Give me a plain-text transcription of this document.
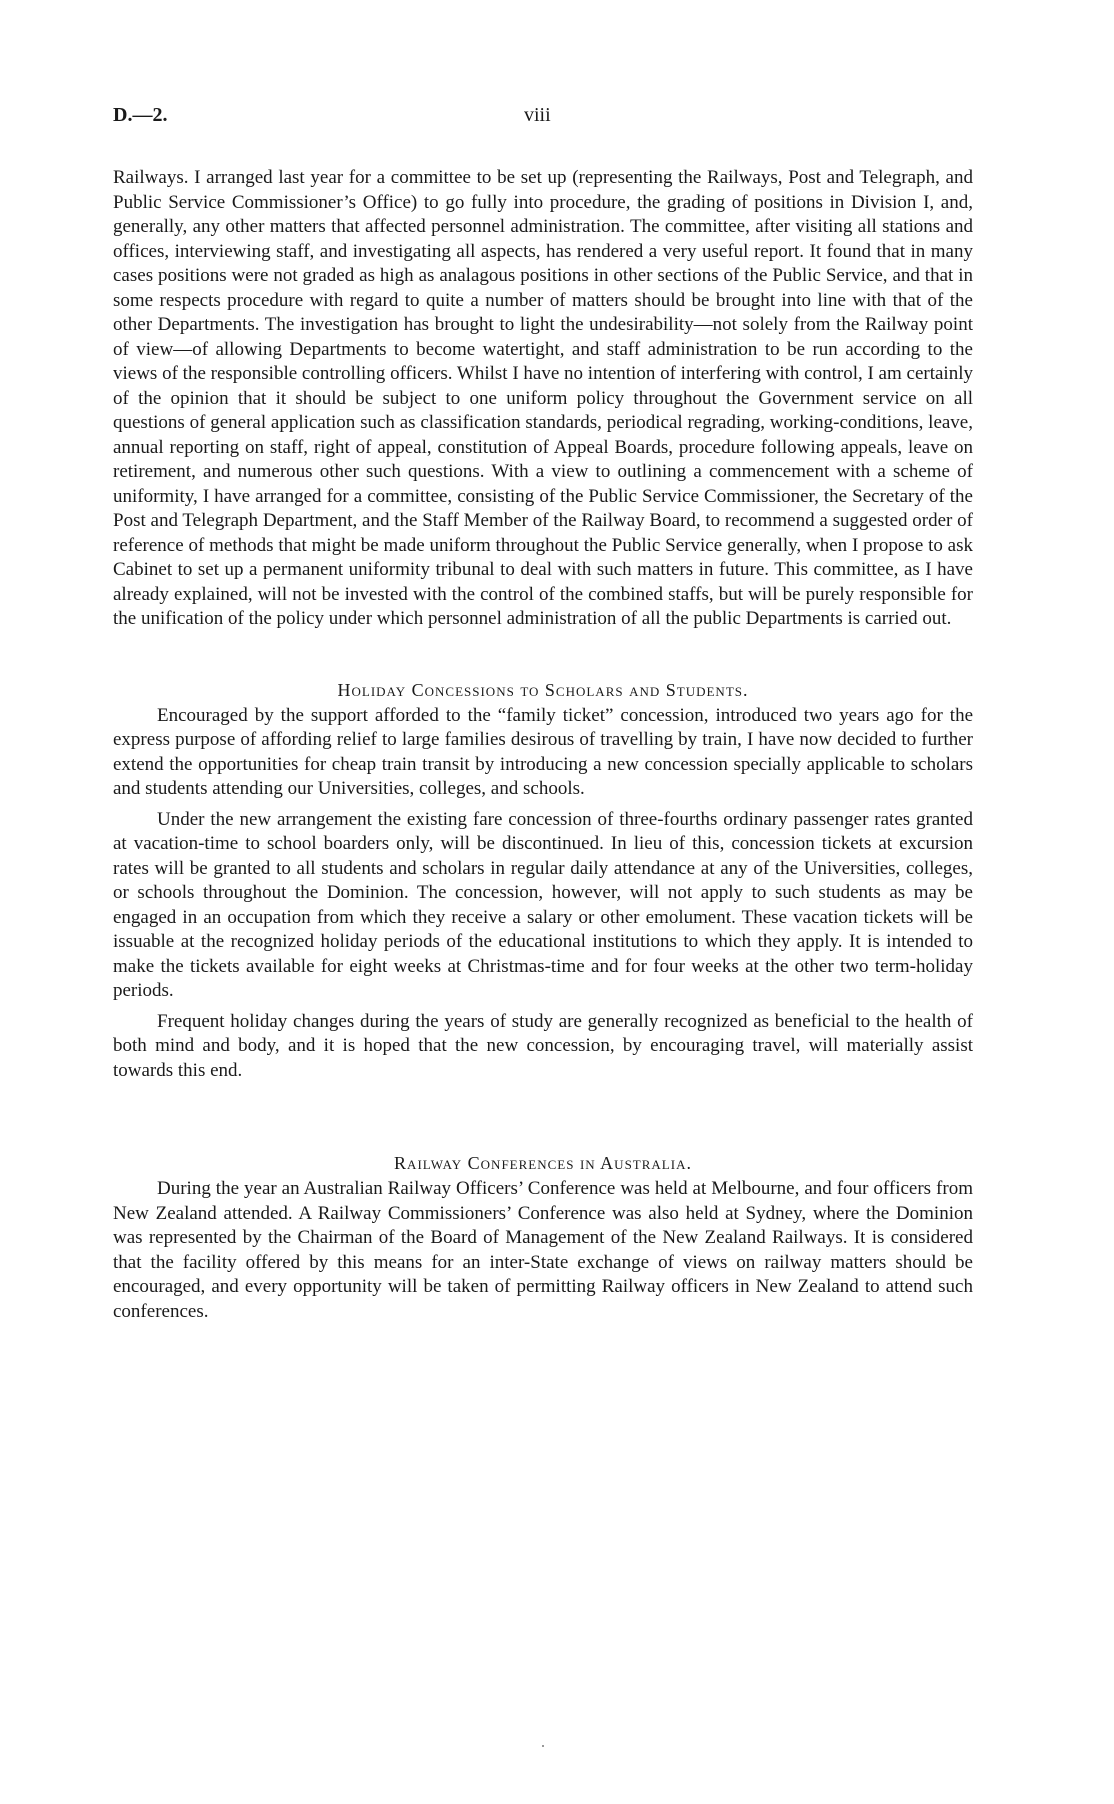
D.—2.	viii

Railways. I arranged last year for a committee to be set up (representing the Railways, Post and Telegraph, and Public Service Commissioner’s Office) to go fully into procedure, the grading of positions in Division I, and, generally, any other matters that affected personnel administration. The committee, after visiting all stations and offices, interviewing staff, and investigating all aspects, has rendered a very useful report. It found that in many cases positions were not graded as high as analagous positions in other sections of the Public Service, and that in some respects procedure with regard to quite a number of matters should be brought into line with that of the other Departments. The investigation has brought to light the undesirability—not solely from the Railway point of view—of allowing Departments to become watertight, and staff administration to be run according to the views of the responsible controlling officers. Whilst I have no intention of interfering with control, I am certainly of the opinion that it should be subject to one uniform policy throughout the Government service on all questions of general application such as classification standards, periodical regrading, working-conditions, leave, annual reporting on staff, right of appeal, constitution of Appeal Boards, procedure following appeals, leave on retirement, and numerous other such questions. With a view to outlining a commencement with a scheme of uniformity, I have arranged for a committee, consisting of the Public Service Commissioner, the Secretary of the Post and Telegraph Department, and the Staff Member of the Railway Board, to recommend a suggested order of reference of methods that might be made uniform throughout the Public Service generally, when I propose to ask Cabinet to set up a permanent uniformity tribunal to deal with such matters in future. This committee, as I have already explained, will not be invested with the control of the combined staffs, but will be purely responsible for the unification of the policy under which personnel administration of all the public Departments is carried out.

Holiday Concessions to Scholars and Students.

Encouraged by the support afforded to the “family ticket” concession, introduced two years ago for the express purpose of affording relief to large families desirous of travelling by train, I have now decided to further extend the opportunities for cheap train transit by introducing a new concession specially applicable to scholars and students attending our Universities, colleges, and schools.

Under the new arrangement the existing fare concession of three-fourths ordinary passenger rates granted at vacation-time to school boarders only, will be discontinued. In lieu of this, concession tickets at excursion rates will be granted to all students and scholars in regular daily attendance at any of the Universities, colleges, or schools throughout the Dominion. The concession, however, will not apply to such students as may be engaged in an occupation from which they receive a salary or other emolument. These vacation tickets will be issuable at the recognized holiday periods of the educational institutions to which they apply. It is intended to make the tickets available for eight weeks at Christmas-time and for four weeks at the other two term-holiday periods.

Frequent holiday changes during the years of study are generally recognized as beneficial to the health of both mind and body, and it is hoped that the new concession, by encouraging travel, will materially assist towards this end.

Railway Conferences in Australia.

During the year an Australian Railway Officers’ Conference was held at Melbourne, and four officers from New Zealand attended. A Railway Commissioners’ Conference was also held at Sydney, where the Dominion was represented by the Chairman of the Board of Management of the New Zealand Railways. It is considered that the facility offered by this means for an inter-State exchange of views on railway matters should be encouraged, and every opportunity will be taken of permitting Railway officers in New Zealand to attend such conferences.
